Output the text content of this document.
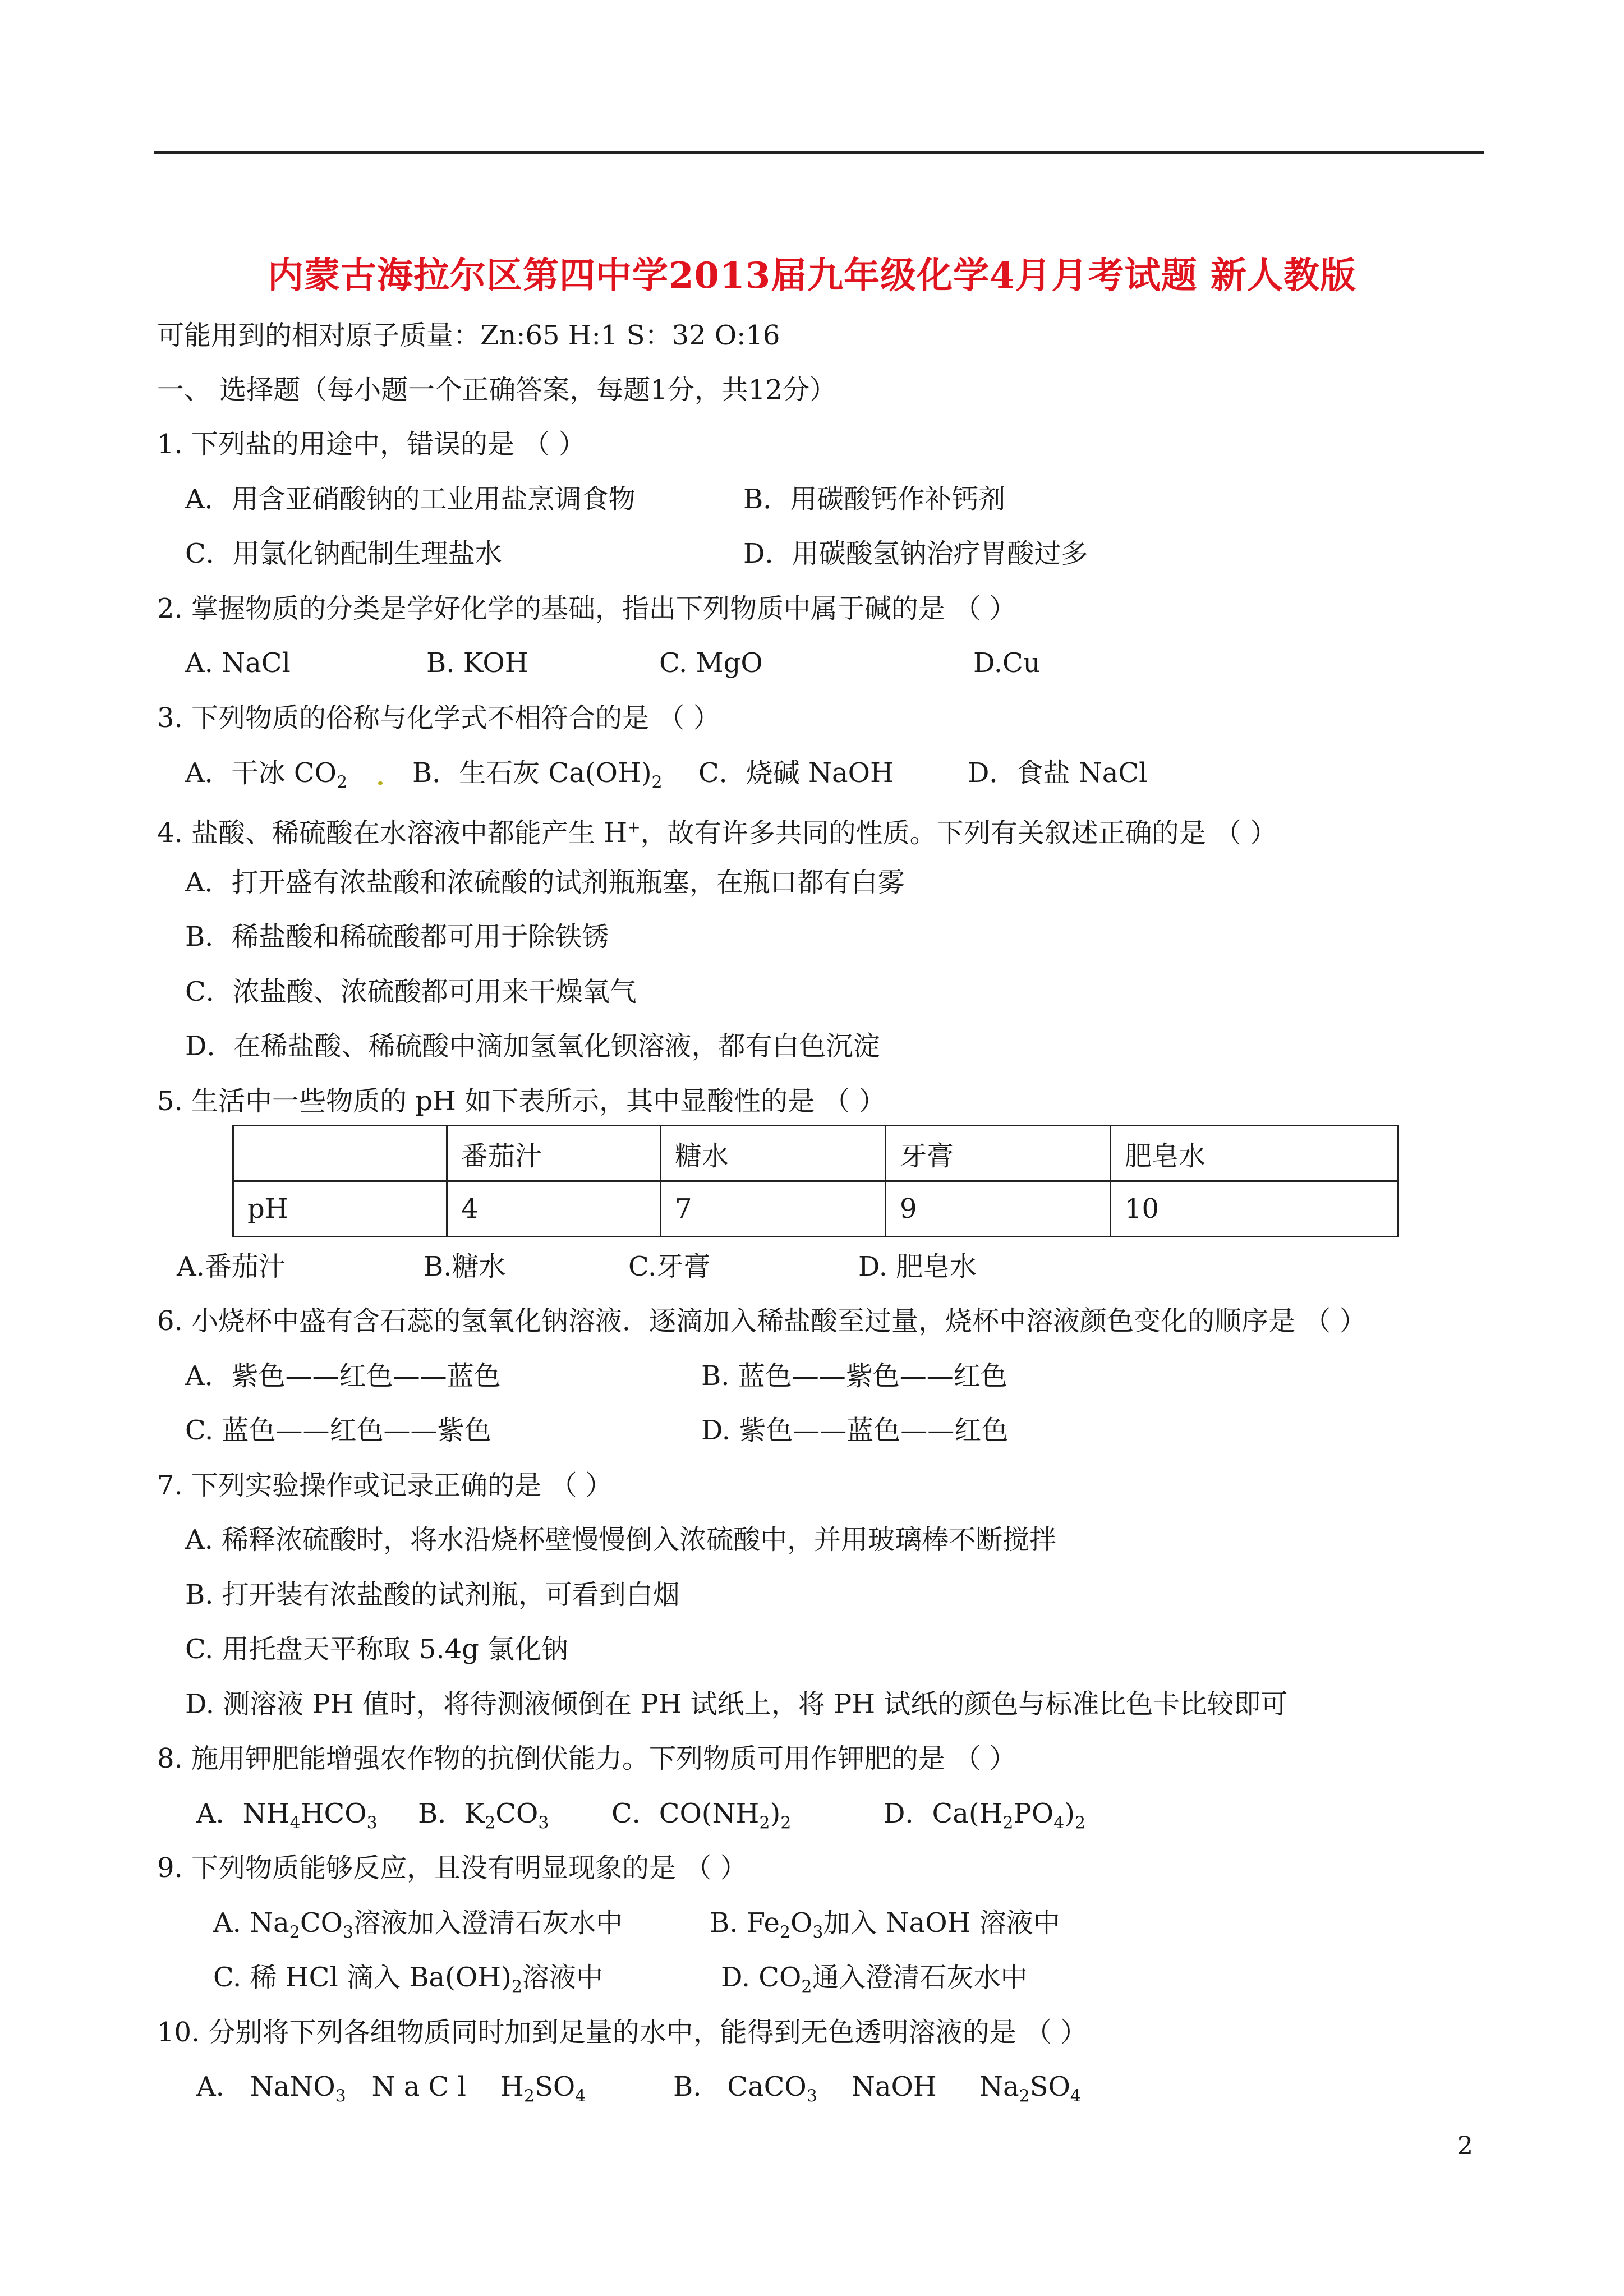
内蒙古海拉尔区第四中学2013届九年级化学4月月考试题 新人教版
可能用到的相对原子质量：Zn:65 H:1 S：32 O:16
一、 选择题（每小题一个正确答案，每题1分，共12分）
1. 下列盐的用途中，错误的是 （ ）
A．用含亚硝酸钠的工业用盐烹调食物	B．用碳酸钙作补钙剂
C．用氯化钠配制生理盐水	D．用碳酸氢钠治疗胃酸过多
2. 掌握物质的分类是学好化学的基础，指出下列物质中属于碱的是 （ ）
A. NaCl	B. KOH	C. MgO	D.Cu
3. 下列物质的俗称与化学式不相符合的是 （ ）
A．干冰 $CO_2$ B．生石灰 $Ca(OH)_2$ C．烧碱 NaOH	D．食盐 NaCl
4. 盐酸、稀硫酸在水溶液中都能产生 H+，故有许多共同的性质。下列有关叙述正确的是 （ ）
A．打开盛有浓盐酸和浓硫酸的试剂瓶瓶塞，在瓶口都有白雾
B．稀盐酸和稀硫酸都可用于除铁锈
C．浓盐酸、浓硫酸都可用来干燥氧气
D．在稀盐酸、稀硫酸中滴加氢氧化钡溶液，都有白色沉淀
5. 生活中一些物质的 pH 如下表所示，其中显酸性的是 （ ）
	番茄汁	糖水	牙膏	肥皂水
pH	4	7	9	10
A.番茄汁	B.糖水	C.牙膏	D. 肥皂水
6. 小烧杯中盛有含石蕊的氢氧化钠溶液．逐滴加入稀盐酸至过量，烧杯中溶液颜色变化的顺序是 （ ）
A．紫色——红色——蓝色	B. 蓝色——紫色——红色
C. 蓝色——红色——紫色	D. 紫色——蓝色——红色
7. 下列实验操作或记录正确的是 （ ）
A. 稀释浓硫酸时，将水沿烧杯壁慢慢倒入浓硫酸中，并用玻璃棒不断搅拌
B. 打开装有浓盐酸的试剂瓶，可看到白烟
C. 用托盘天平称取 5.4g 氯化钠
D. 测溶液 PH 值时，将待测液倾倒在 PH 试纸上，将 PH 试纸的颜色与标准比色卡比较即可
8. 施用钾肥能增强农作物的抗倒伏能力。下列物质可用作钾肥的是 （ ）
A．$NH_4HCO_3$ B．$K_2CO_3$ C．$CO(NH_2)_2$	D．$Ca(H_2PO_4)_2$
9. 下列物质能够反应，且没有明显现象的是 （ ）
A. $Na_2CO_3$溶液加入澄清石灰水中	B. $Fe_2O_3$加入 NaOH 溶液中
C. 稀 HCl 滴入 $Ba(OH)_2$溶液中	D. $CO_2$通入澄清石灰水中
10. 分别将下列各组物质同时加到足量的水中，能得到无色透明溶液的是 （ ）
A.   NaNO$_3$   N a C l    $H_2SO_4$	B.   CaCO$_3$    NaOH     $Na_2SO_4$
2
